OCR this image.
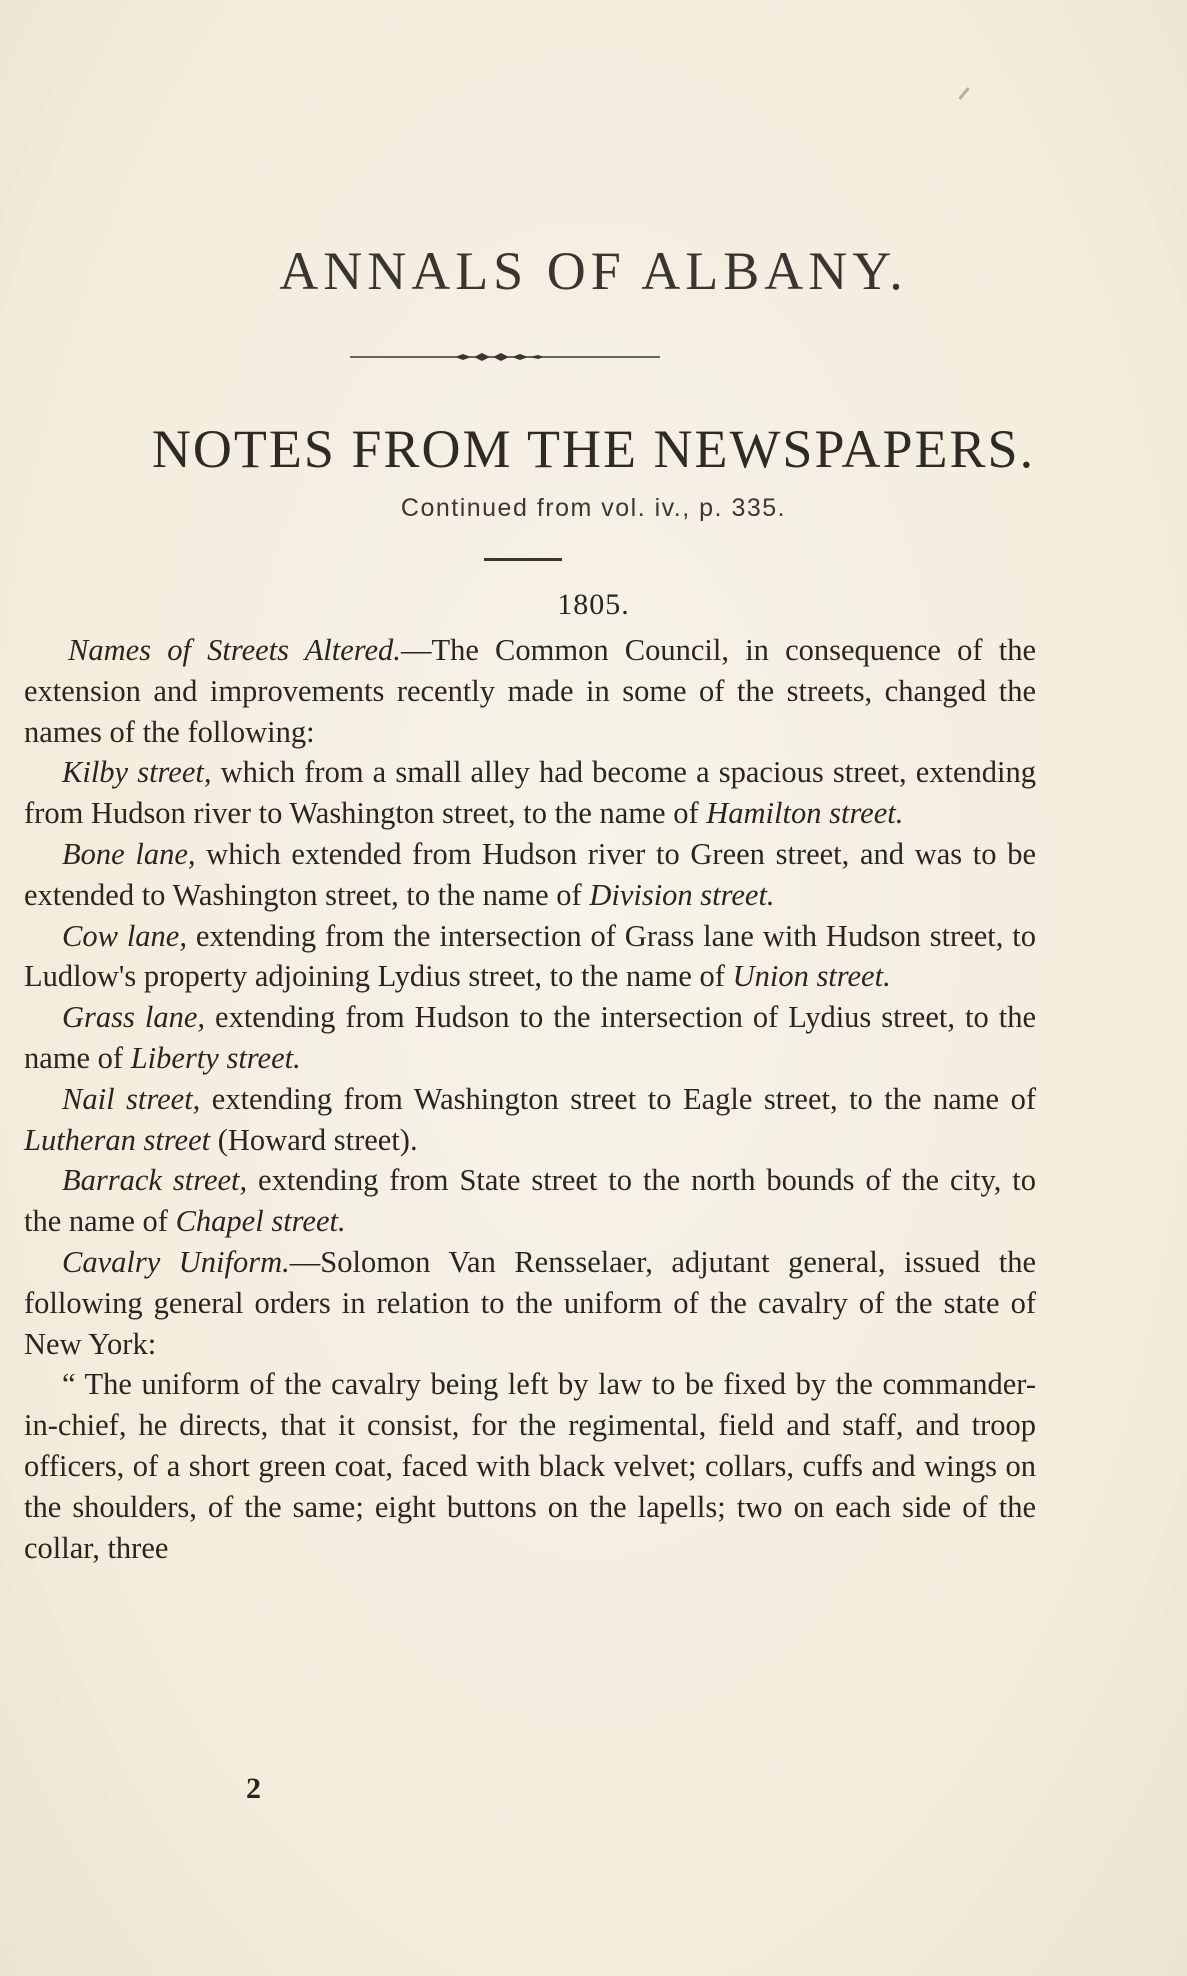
ANNALS OF ALBANY.
NOTES FROM THE NEWSPAPERS.
Continued from vol. iv., p. 335.
1805.

Names of Streets Altered.—The Common Council, in consequence of the extension and improvements recently made in some of the streets, changed the names of the following:

Kilby street, which from a small alley had become a spacious street, extending from Hudson river to Washington street, to the name of Hamilton street.

Bone lane, which extended from Hudson river to Green street, and was to be extended to Washington street, to the name of Division street.

Cow lane, extending from the intersection of Grass lane with Hudson street, to Ludlow's property adjoining Lydius street, to the name of Union street.

Grass lane, extending from Hudson to the intersection of Lydius street, to the name of Liberty street.

Nail street, extending from Washington street to Eagle street, to the name of Lutheran street (Howard street).

Barrack street, extending from State street to the north bounds of the city, to the name of Chapel street.

Cavalry Uniform.—Solomon Van Rensselaer, adjutant general, issued the following general orders in relation to the uniform of the cavalry of the state of New York:

“ The uniform of the cavalry being left by law to be fixed by the commander-in-chief, he directs, that it consist, for the regimental, field and staff, and troop officers, of a short green coat, faced with black velvet; collars, cuffs and wings on the shoulders, of the same; eight buttons on the lapells; two on each side of the collar, three

2
